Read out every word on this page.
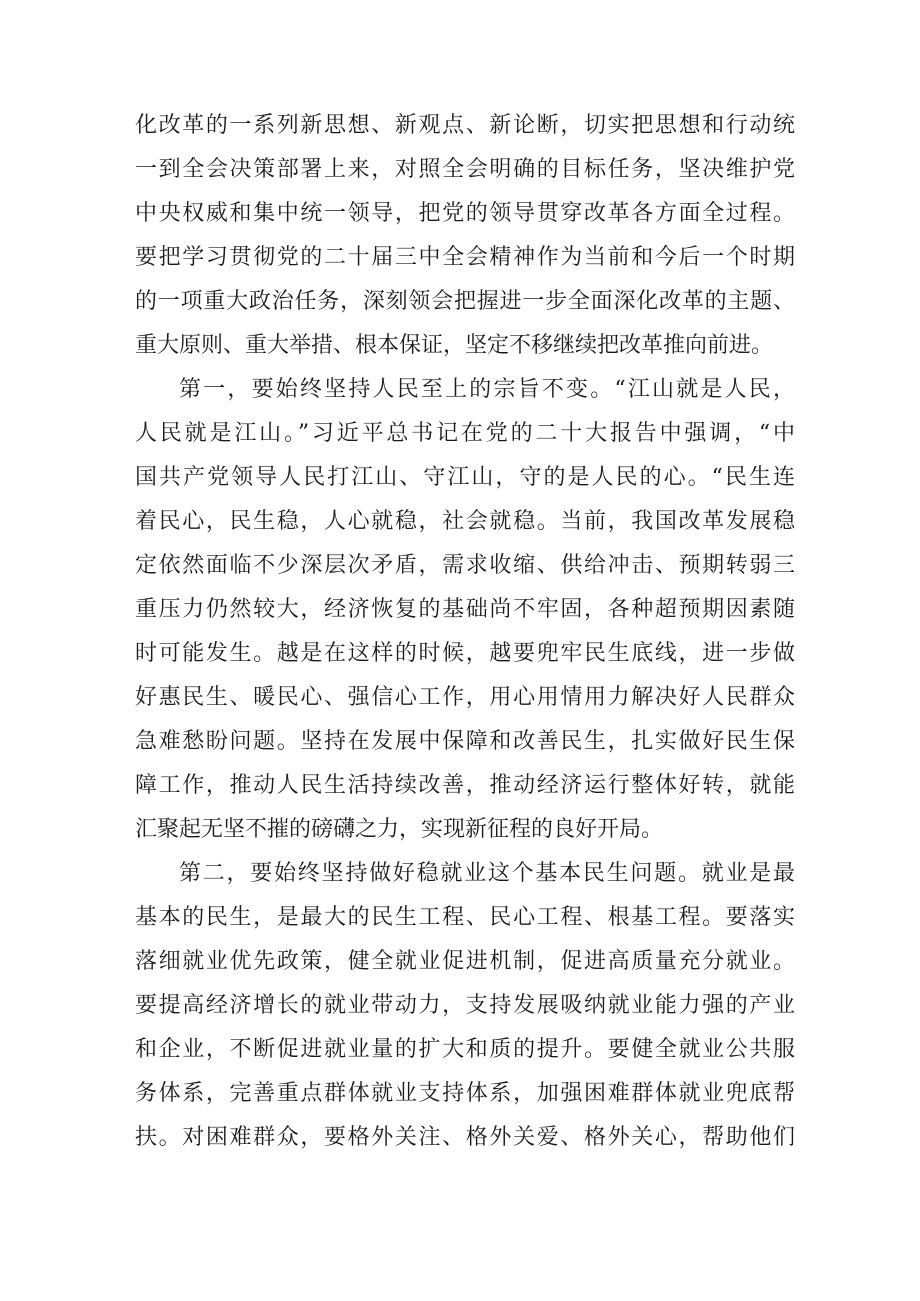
化改革的一系列新思想、新观点、新论断，切实把思想和行动统
一到全会决策部署上来，对照全会明确的目标任务，坚决维护党
中央权威和集中统一领导，把党的领导贯穿改革各方面全过程。
要把学习贯彻党的二十届三中全会精神作为当前和今后一个时期
的一项重大政治任务，深刻领会把握进一步全面深化改革的主题、
重大原则、重大举措、根本保证，坚定不移继续把改革推向前进。
第一，要始终坚持人民至上的宗旨不变。“江山就是人民，
人民就是江山。”习近平总书记在党的二十大报告中强调，“中
国共产党领导人民打江山、守江山，守的是人民的心。“民生连
着民心，民生稳，人心就稳，社会就稳。当前，我国改革发展稳
定依然面临不少深层次矛盾，需求收缩、供给冲击、预期转弱三
重压力仍然较大，经济恢复的基础尚不牢固，各种超预期因素随
时可能发生。越是在这样的时候，越要兜牢民生底线，进一步做
好惠民生、暖民心、强信心工作，用心用情用力解决好人民群众
急难愁盼问题。坚持在发展中保障和改善民生，扎实做好民生保
障工作，推动人民生活持续改善，推动经济运行整体好转，就能
汇聚起无坚不摧的磅礴之力，实现新征程的良好开局。
第二，要始终坚持做好稳就业这个基本民生问题。就业是最
基本的民生，是最大的民生工程、民心工程、根基工程。要落实
落细就业优先政策，健全就业促进机制，促进高质量充分就业。
要提高经济增长的就业带动力，支持发展吸纳就业能力强的产业
和企业，不断促进就业量的扩大和质的提升。要健全就业公共服
务体系，完善重点群体就业支持体系，加强困难群体就业兜底帮
扶。对困难群众，要格外关注、格外关爱、格外关心，帮助他们
